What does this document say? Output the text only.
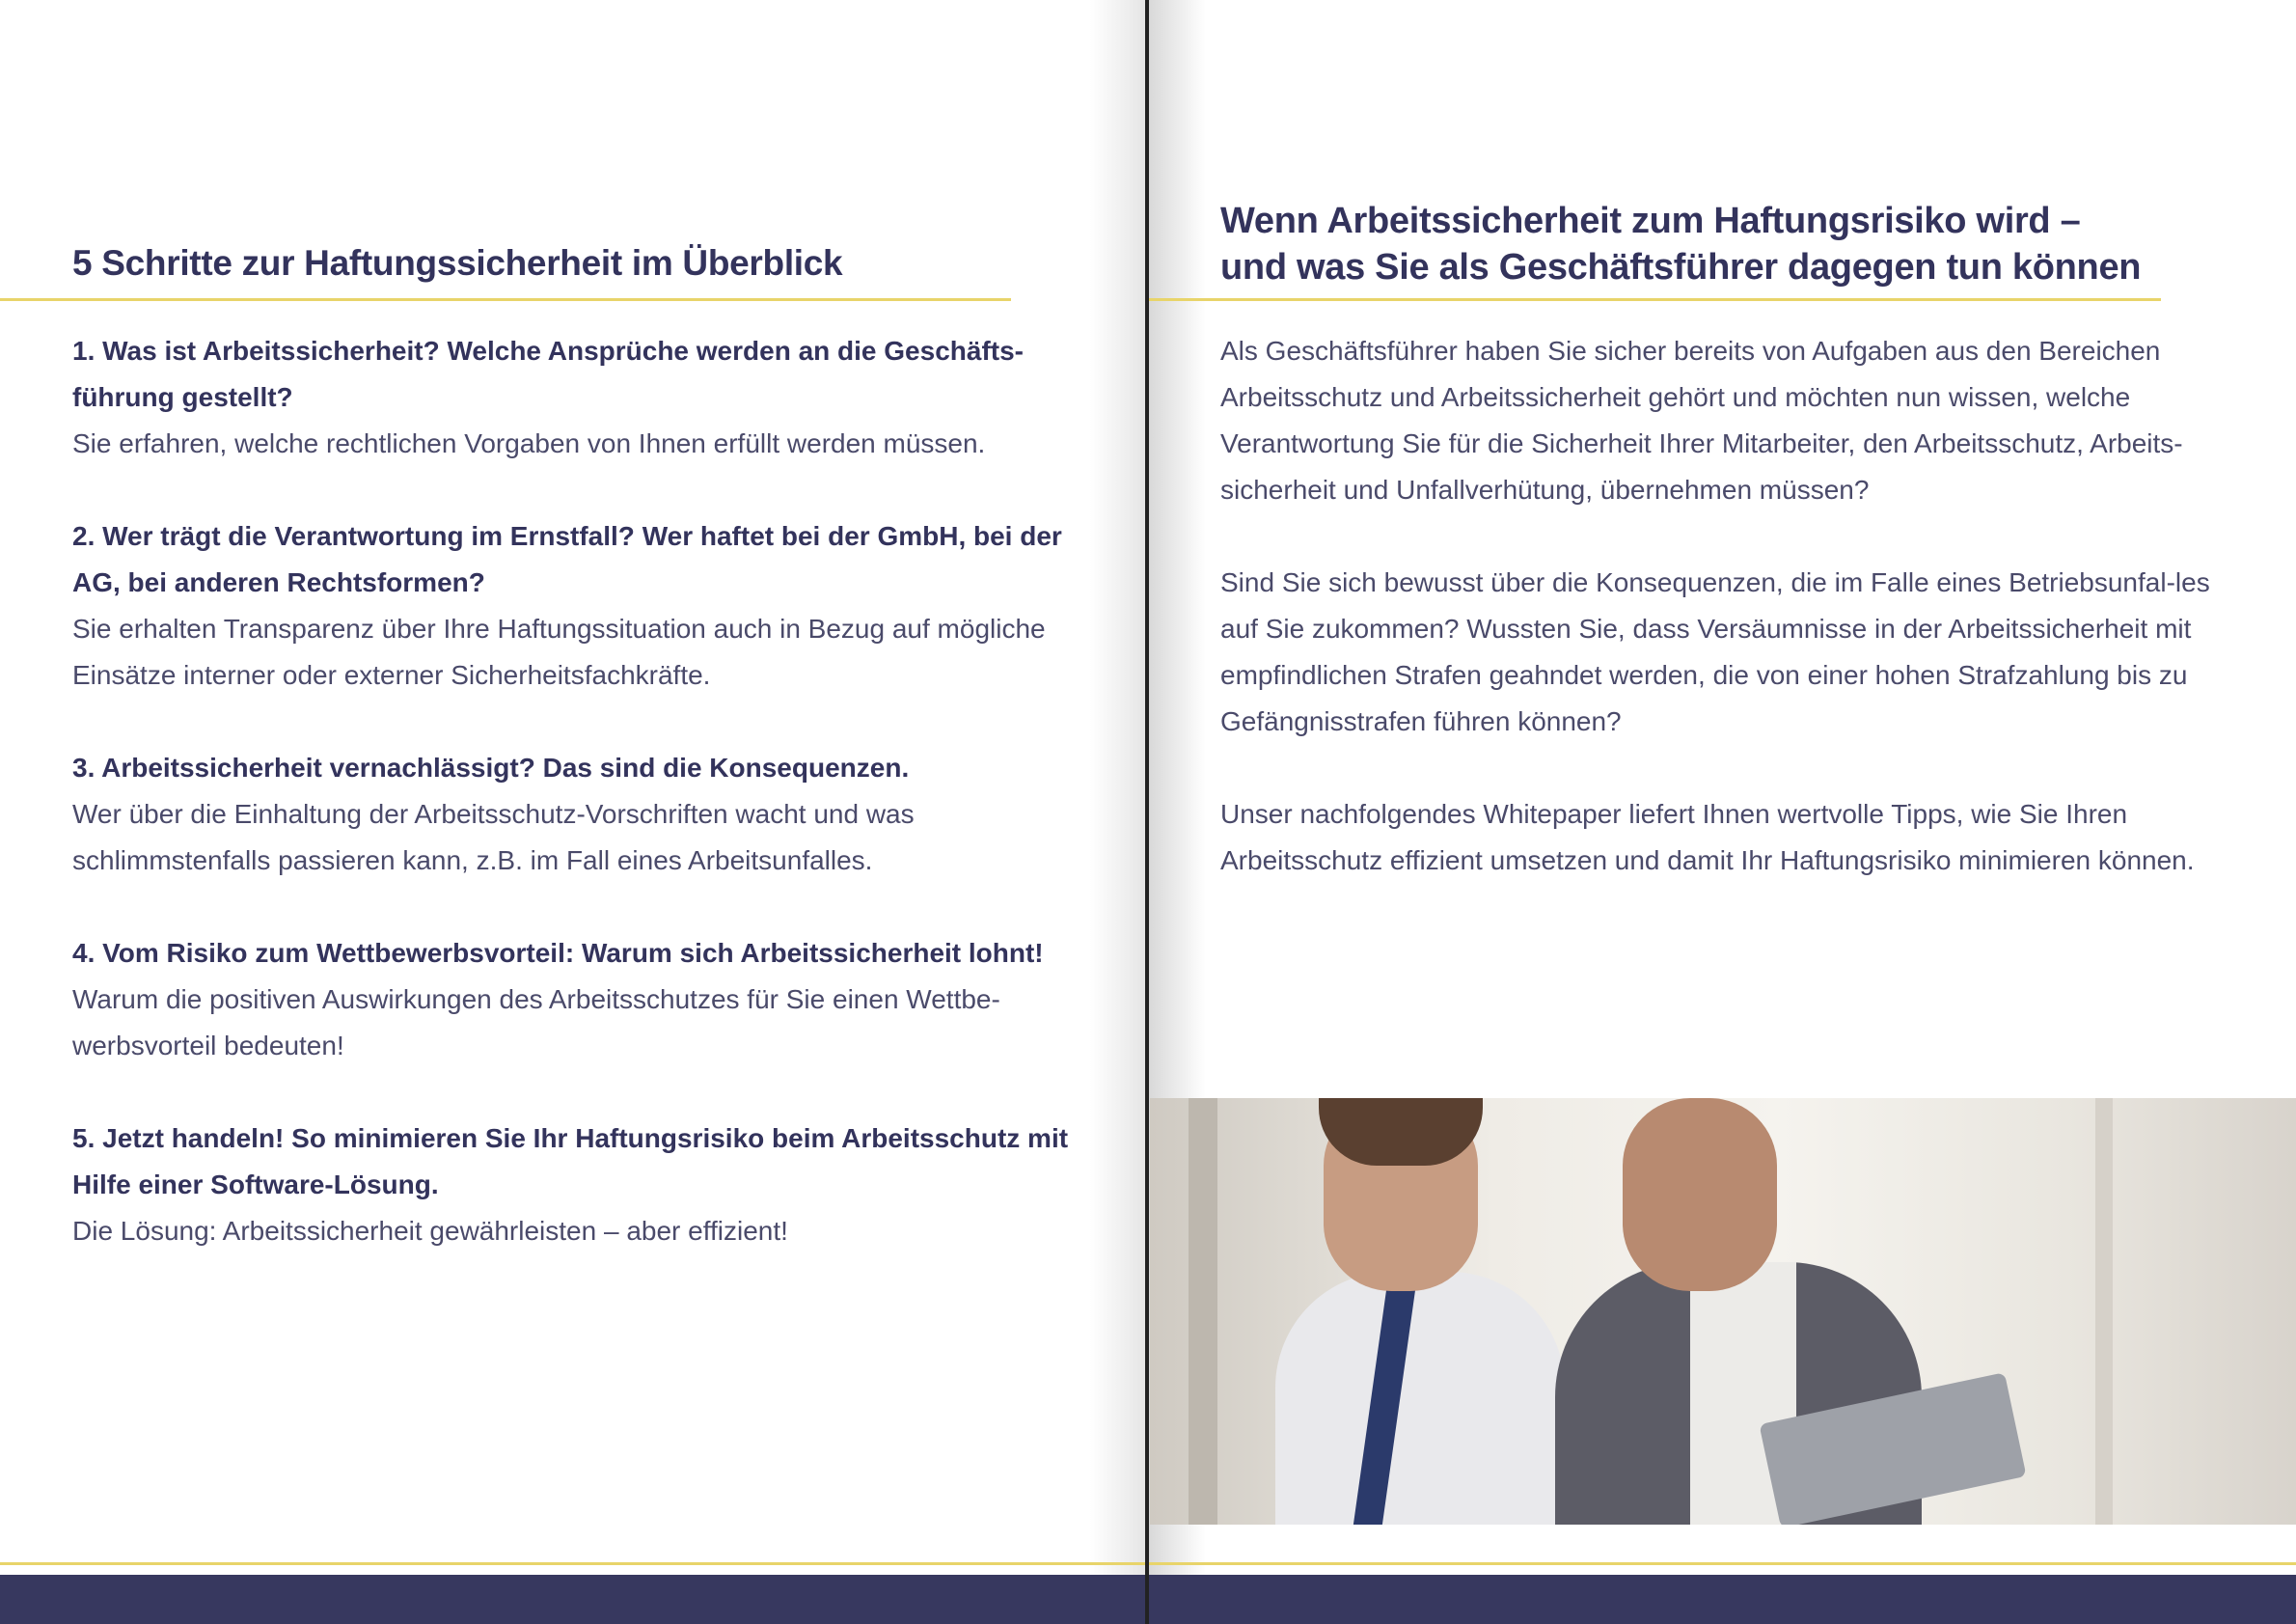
5 Schritte zur Haftungssicherheit im Überblick
1. Was ist Arbeitssicherheit? Welche Ansprüche werden an die Geschäfts-führung gestellt?
Sie erfahren, welche rechtlichen Vorgaben von Ihnen erfüllt werden müssen.
2. Wer trägt die Verantwortung im Ernstfall? Wer haftet bei der GmbH, bei der AG, bei anderen Rechtsformen?
Sie erhalten Transparenz über Ihre Haftungssituation auch in Bezug auf mögliche Einsätze interner oder externer Sicherheitsfachkräfte.
3. Arbeitssicherheit vernachlässigt? Das sind die Konsequenzen.
Wer über die Einhaltung der Arbeitsschutz-Vorschriften wacht und was schlimmstenfalls passieren kann, z.B. im Fall eines Arbeitsunfalles.
4. Vom Risiko zum Wettbewerbsvorteil: Warum sich Arbeitssicherheit lohnt!
Warum die positiven Auswirkungen des Arbeitsschutzes für Sie einen Wettbe-werbsvorteil bedeuten!
5. Jetzt handeln! So minimieren Sie Ihr Haftungsrisiko beim Arbeitsschutz mit Hilfe einer Software-Lösung.
Die Lösung: Arbeitssicherheit gewährleisten – aber effizient!
Wenn Arbeitssicherheit zum Haftungsrisiko wird –
und was Sie als Geschäftsführer dagegen tun können

Als Geschäftsführer haben Sie sicher bereits von Aufgaben aus den Bereichen Arbeitsschutz und Arbeitssicherheit gehört und möchten nun wissen, welche Verantwortung Sie für die Sicherheit Ihrer Mitarbeiter, den Arbeitsschutz, Arbeits-sicherheit und Unfallverhütung, übernehmen müssen?

Sind Sie sich bewusst über die Konsequenzen, die im Falle eines Betriebsunfal-les auf Sie zukommen? Wussten Sie, dass Versäumnisse in der Arbeitssicherheit mit empfindlichen Strafen geahndet werden, die von einer hohen Strafzahlung bis zu Gefängnisstrafen führen können?

Unser nachfolgendes Whitepaper liefert Ihnen wertvolle Tipps, wie Sie Ihren Arbeitsschutz effizient umsetzen und damit Ihr Haftungsrisiko minimieren können.
